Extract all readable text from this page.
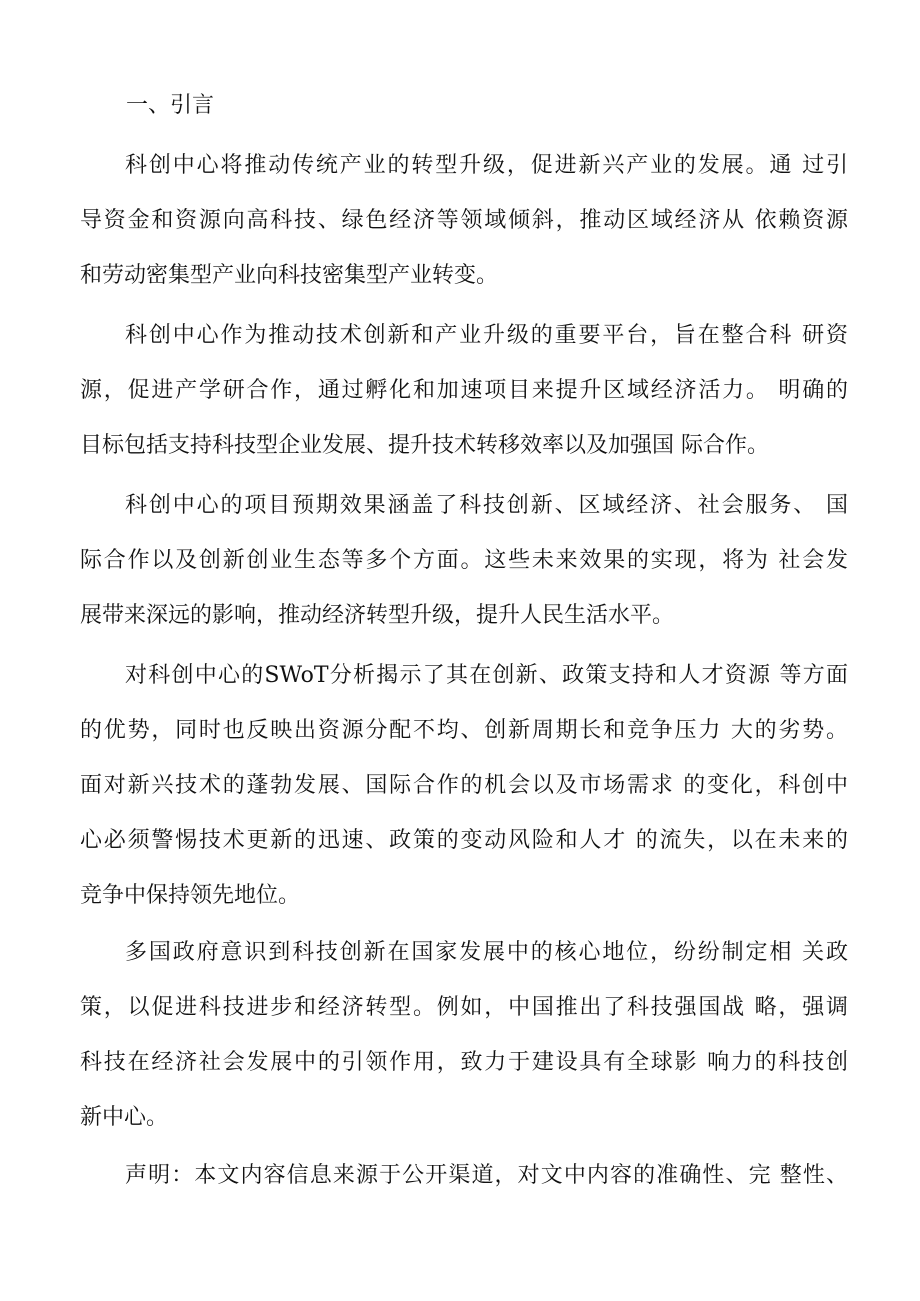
一、引言

科创中心将推动传统产业的转型升级，促进新兴产业的发展。通 过引
导资金和资源向高科技、绿色经济等领域倾斜，推动区域经济从 依赖资源
和劳动密集型产业向科技密集型产业转变。

科创中心作为推动技术创新和产业升级的重要平台，旨在整合科 研资
源，促进产学研合作，通过孵化和加速项目来提升区域经济活力。 明确的
目标包括支持科技型企业发展、提升技术转移效率以及加强国 际合作。

科创中心的项目预期效果涵盖了科技创新、区域经济、社会服务、 国
际合作以及创新创业生态等多个方面。这些未来效果的实现，将为 社会发
展带来深远的影响，推动经济转型升级，提升人民生活水平。

对科创中心的SWoT分析揭示了其在创新、政策支持和人才资源 等方面
的优势，同时也反映出资源分配不均、创新周期长和竞争压力 大的劣势。
面对新兴技术的蓬勃发展、国际合作的机会以及市场需求 的变化，科创中
心必须警惕技术更新的迅速、政策的变动风险和人才 的流失，以在未来的
竞争中保持领先地位。

多国政府意识到科技创新在国家发展中的核心地位，纷纷制定相 关政
策，以促进科技进步和经济转型。例如，中国推出了科技强国战 略，强调
科技在经济社会发展中的引领作用，致力于建设具有全球影 响力的科技创
新中心。

声明：本文内容信息来源于公开渠道，对文中内容的准确性、完 整性、
